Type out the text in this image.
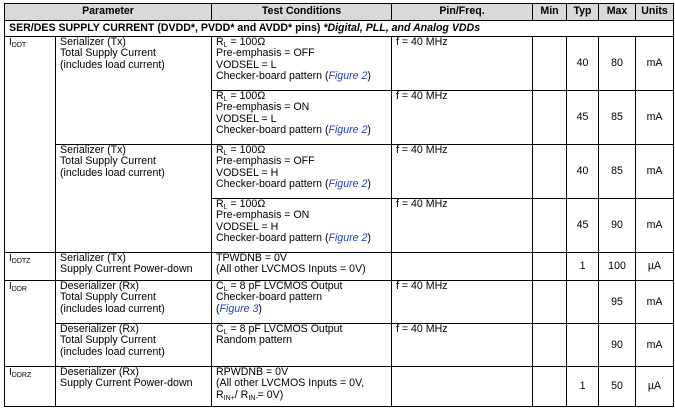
Parameter		Test Conditions	Pin/Freq.	Min	Typ	Max	Units
SER/DES SUPPLY CURRENT (DVDD*, PVDD* and AVDD* pins) *Digital, PLL, and Analog VDDs							
$I_{DDT}$	Serializer (Tx)
Total Supply Current
(includes load current)	$R_L = 100\Omega$
Pre-emphasis = OFF
VODSEL = L
Checker-board pattern (Figure 2)	f = 40 MHz		40	80	mA

		$R_L = 100\Omega$
Pre-emphasis = ON
VODSEL = L
Checker-board pattern (Figure 2)	f = 40 MHz		45	85	mA

	Serializer (Tx)
Total Supply Current
(includes load current)	$R_L = 100\Omega$
Pre-emphasis = OFF
VODSEL = H
Checker-board pattern (Figure 2)	f = 40 MHz		40	85	mA

		$R_L = 100\Omega$
Pre-emphasis = ON
VODSEL = H
Checker-board pattern (Figure 2)	f = 40 MHz		45	90	mA
$I_{DDTZ}$	Serializer (Tx)
Supply Current Power-down	TPWDNB = 0V
(All other LVCMOS Inputs = 0V)			1	100	µA
$I_{DDR}$	Deserializer (Rx)
Total Supply Current
(includes load current)	$C_L = 8$ pF LVCMOS Output
Checker-board pattern
(Figure 3)	f = 40 MHz			95	mA

	Deserializer (Rx)
Total Supply Current
(includes load current)	$C_L = 8$ pF LVCMOS Output
Random pattern	f = 40 MHz			90	mA
$I_{DDRZ}$	Deserializer (Rx)
Supply Current Power-down	RPWDNB = 0V
(All other LVCMOS Inputs = 0V,
$R_{IN+}/$ $R_{IN-}= 0V$)			1	50	µA
